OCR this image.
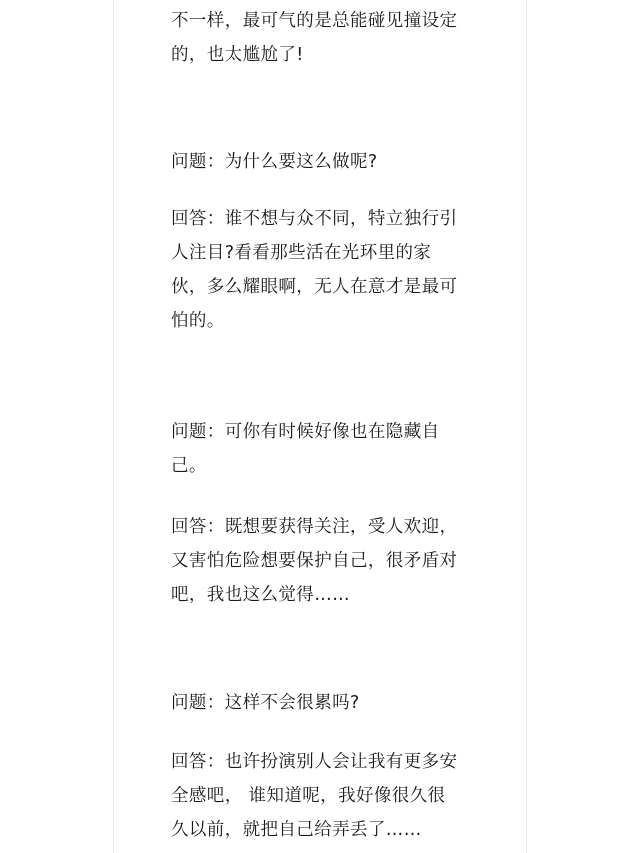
不一样，最可气的是总能碰见撞设定
的，也太尴尬了!
问题：为什么要这么做呢?
回答：谁不想与众不同，特立独行引
人注目?看看那些活在光环里的家
伙，多么耀眼啊，无人在意才是最可
怕的。
问题：可你有时候好像也在隐藏自
己。
回答：既想要获得关注，受人欢迎，
又害怕危险想要保护自己，很矛盾对
吧，我也这么觉得……
问题：这样不会很累吗?
回答：也许扮演别人会让我有更多安
全感吧， 谁知道呢，我好像很久很
久以前，就把自己给弄丢了……
